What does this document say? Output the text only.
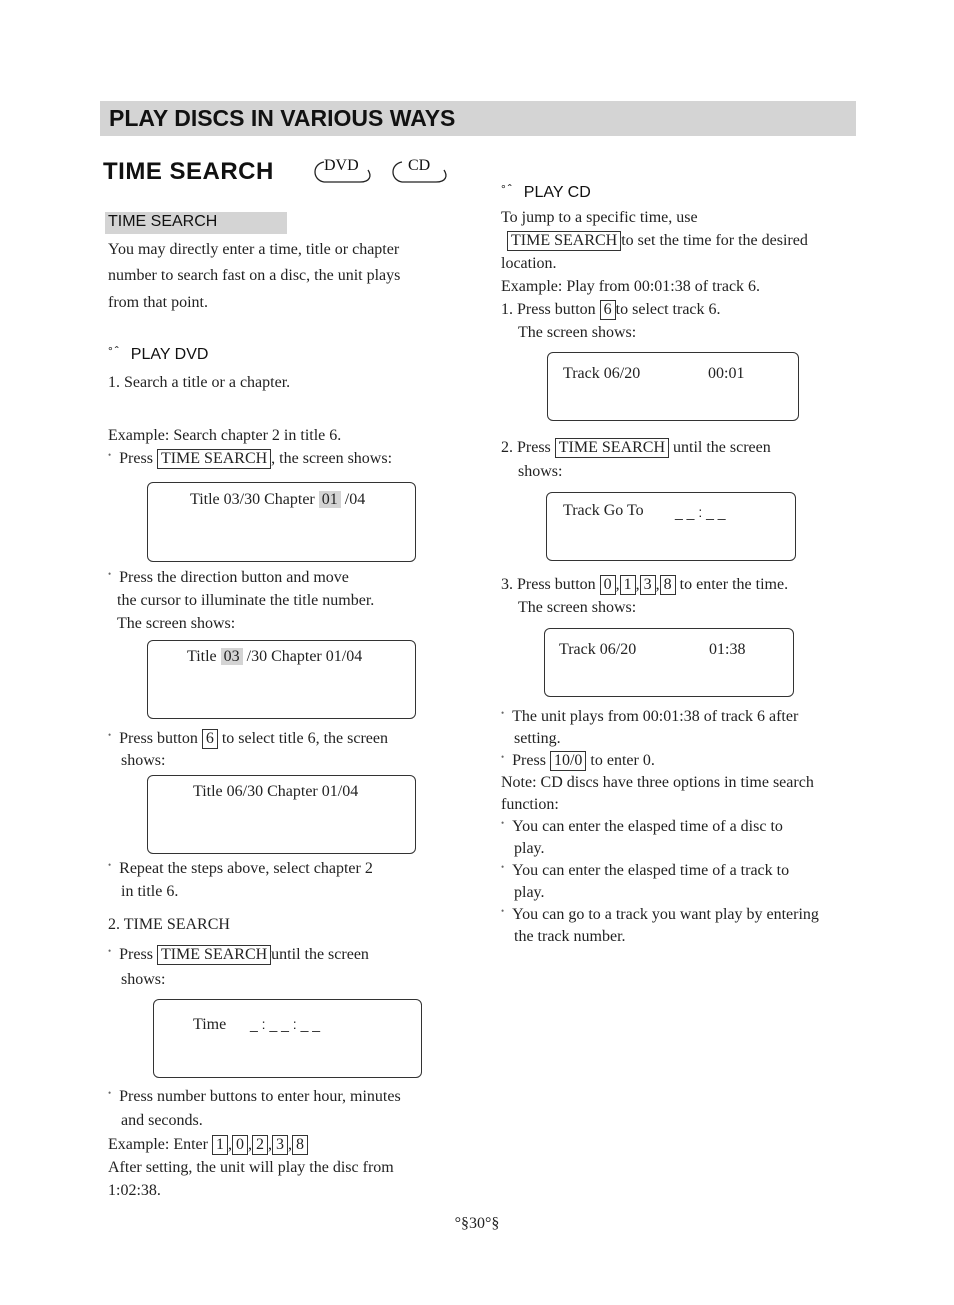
PLAY DISCS IN VARIOUS WAYS
TIME SEARCH	DVD	CD
TIME SEARCH
You may directly enter a time, title or chapter
number to search fast on a disc, the unit plays
from that point.
$^{^\circ ˆ}$ PLAY DVD
1. Search a title or a chapter.
Example: Search chapter 2 in title 6.
• Press TIME SEARCH , the screen shows:
Title 03/30 Chapter 01 /04
• Press the direction button and move
the cursor to illuminate the title number.
The screen shows:
Title 03 /30 Chapter 01/04
• Press button 6 to select title 6, the screen
shows:
Title 06/30 Chapter 01/04
• Repeat the steps above, select chapter 2
in title 6.
2. TIME SEARCH
• Press TIME SEARCH until the screen
shows:
Time _ : _ _ : _ _
• Press number buttons to enter hour, minutes
and seconds.
Example: Enter 1 , 0 , 2 , 3 , 8
After setting, the unit will play the disc from
1:02:38.
$^{^\circ ˆ}$ PLAY CD
To jump to a specific time, use
TIME SEARCH to set the time for the desired
location.
Example: Play from 00:01:38 of track 6.
1. Press button 6 to select track 6.
The screen shows:
Track 06/20	00:01
2. Press TIME SEARCH until the screen
shows:
Track Go To _ _ : _ _
3. Press button 0 , 1 , 3 , 8 to enter the time.
The screen shows:
Track 06/20	01:38
• The unit plays from 00:01:38 of track 6 after
setting.
• Press 10/0 to enter 0.
Note: CD discs have three options in time search
function:
• You can enter the elasped time of a disc to
play.
• You can enter the elasped time of a track to
play.
• You can go to a track you want play by entering
the track number.
°§30°§
